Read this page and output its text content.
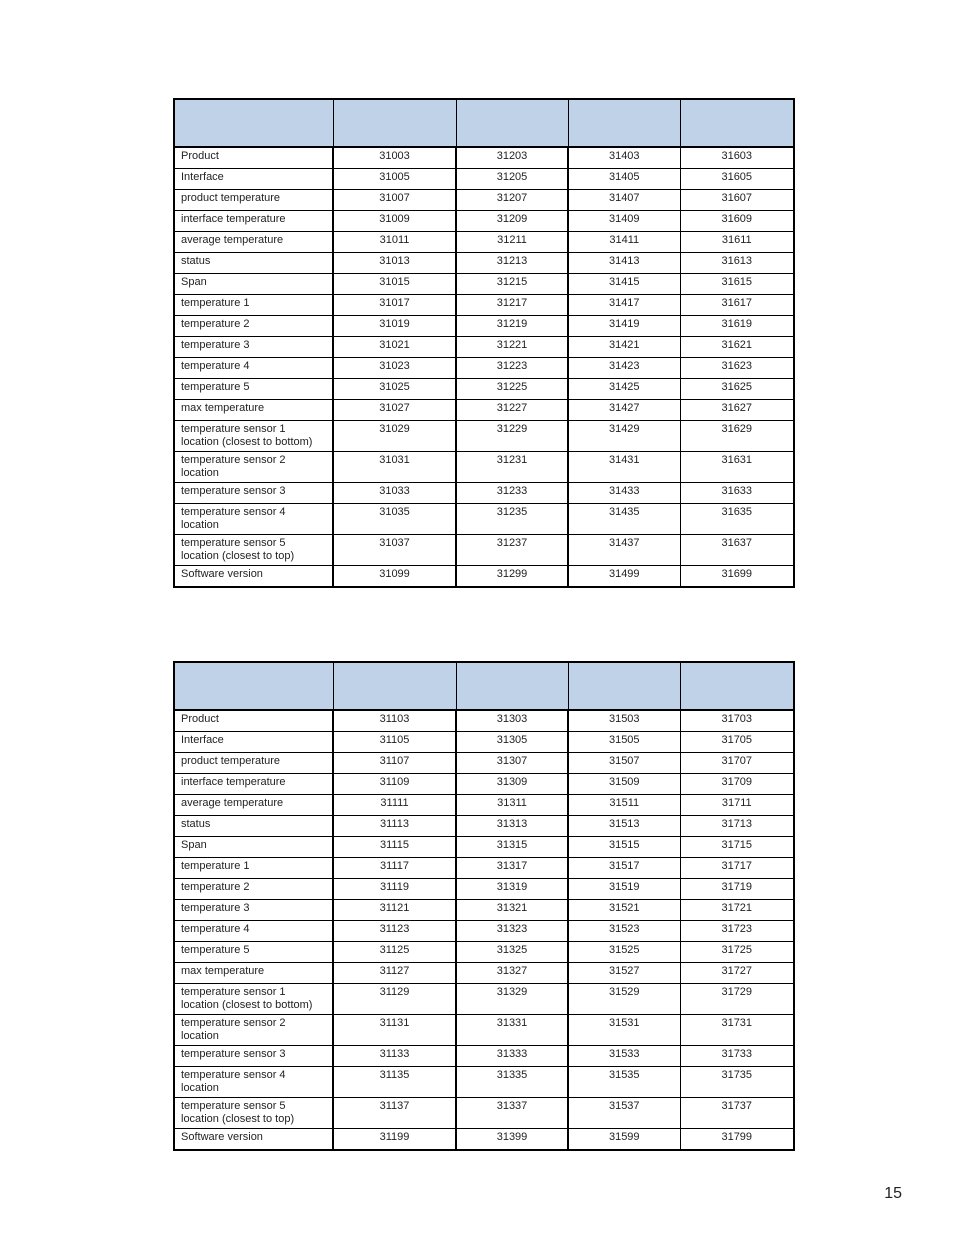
Product	31003	31203	31403	31603
Interface	31005	31205	31405	31605
product temperature	31007	31207	31407	31607
interface temperature	31009	31209	31409	31609
average temperature	31011	31211	31411	31611
status	31013	31213	31413	31613
Span	31015	31215	31415	31615
temperature 1	31017	31217	31417	31617
temperature 2	31019	31219	31419	31619
temperature 3	31021	31221	31421	31621
temperature 4	31023	31223	31423	31623
temperature 5	31025	31225	31425	31625
max temperature	31027	31227	31427	31627
temperature sensor 1 location (closest to bottom)	31029	31229	31429	31629
temperature sensor 2 location	31031	31231	31431	31631
temperature sensor 3	31033	31233	31433	31633
temperature sensor 4 location	31035	31235	31435	31635
temperature sensor 5 location (closest to top)	31037	31237	31437	31637
Software version	31099	31299	31499	31699

Product	31103	31303	31503	31703
Interface	31105	31305	31505	31705
product temperature	31107	31307	31507	31707
interface temperature	31109	31309	31509	31709
average temperature	31111	31311	31511	31711
status	31113	31313	31513	31713
Span	31115	31315	31515	31715
temperature 1	31117	31317	31517	31717
temperature 2	31119	31319	31519	31719
temperature 3	31121	31321	31521	31721
temperature 4	31123	31323	31523	31723
temperature 5	31125	31325	31525	31725
max temperature	31127	31327	31527	31727
temperature sensor 1 location (closest to bottom)	31129	31329	31529	31729
temperature sensor 2 location	31131	31331	31531	31731
temperature sensor 3	31133	31333	31533	31733
temperature sensor 4 location	31135	31335	31535	31735
temperature sensor 5 location (closest to top)	31137	31337	31537	31737
Software version	31199	31399	31599	31799
15
